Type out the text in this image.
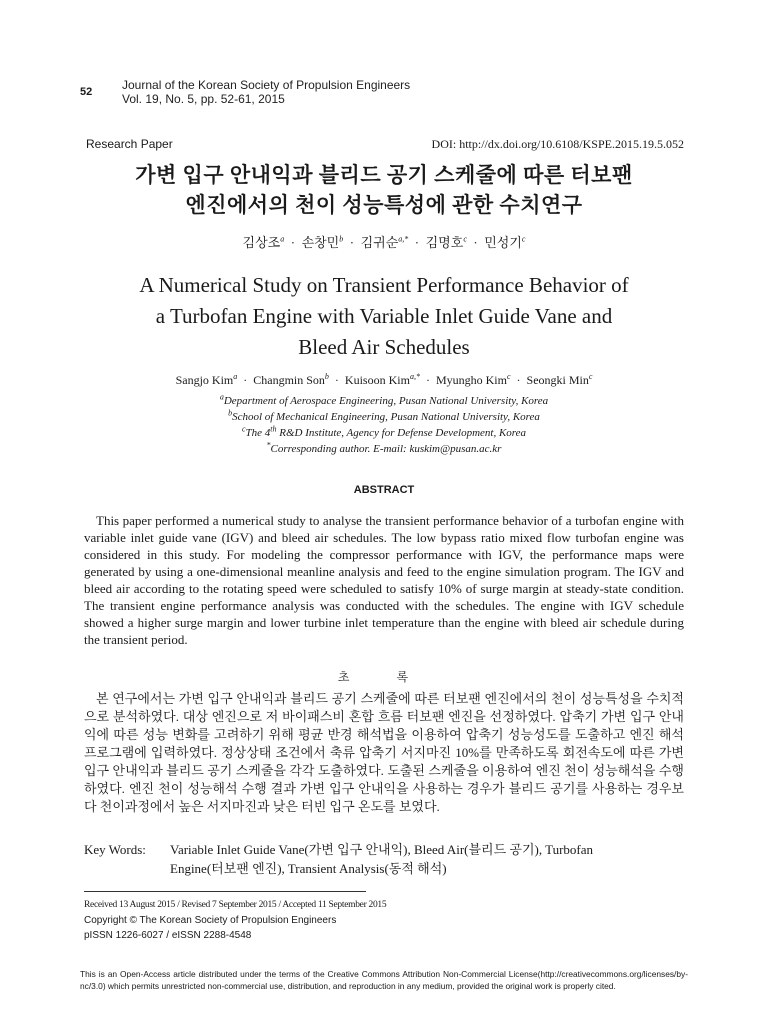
52 Journal of the Korean Society of Propulsion Engineers
Vol. 19, No. 5, pp. 52-61, 2015
Research Paper	DOI: http://dx.doi.org/10.6108/KSPE.2015.19.5.052
가변 입구 안내익과 블리드 공기 스케줄에 따른 터보팬
엔진에서의 천이 성능특성에 관한 수치연구
김상조$^a$  ·  손창민$^b$  ·  김귀순$^{a,*}$  ·  김명호$^c$  ·  민성기$^c$
A Numerical Study on Transient Performance Behavior of
a Turbofan Engine with Variable Inlet Guide Vane and
Bleed Air Schedules
Sangjo Kim$^a$  ·  Changmin Son$^b$  ·  Kuisoon Kim$^{a,*}$  ·  Myungho Kim$^c$  ·  Seongki Min$^c$
$^a$Department of Aerospace Engineering, Pusan National University, Korea
$^b$School of Mechanical Engineering, Pusan National University, Korea
$^c$The 4th R&D Institute, Agency for Defense Development, Korea
*Corresponding author. E-mail: kuskim@pusan.ac.kr
ABSTRACT
This paper performed a numerical study to analyse the transient performance behavior of a turbofan engine with variable inlet guide vane (IGV) and bleed air schedules. The low bypass ratio mixed flow turbofan engine was considered in this study. For modeling the compressor performance with IGV, the performance maps were generated by using a one-dimensional meanline analysis and feed to the engine simulation program. The IGV and bleed air according to the rotating speed were scheduled to satisfy 10% of surge margin at steady-state condition. The transient engine performance analysis was conducted with the schedules. The engine with IGV schedule showed a higher surge margin and lower turbine inlet temperature than the engine with bleed air schedule during the transient period.
초 록
본 연구에서는 가변 입구 안내익과 블리드 공기 스케줄에 따른 터보팬 엔진에서의 천이 성능특성을 수치적으로 분석하였다. 대상 엔진으로 저 바이패스비 혼합 흐름 터보팬 엔진을 선정하였다. 압축기 가변 입구 안내익에 따른 성능 변화를 고려하기 위해 평균 반경 해석법을 이용하여 압축기 성능성도를 도출하고 엔진 해석 프로그램에 입력하였다. 정상상태 조건에서 축류 압축기 서지마진 10%를 만족하도록 회전속도에 따른 가변 입구 안내익과 블리드 공기 스케줄을 각각 도출하였다. 도출된 스케줄을 이용하여 엔진 천이 성능해석을 수행하였다. 엔진 천이 성능해석 수행 결과 가변 입구 안내익을 사용하는 경우가 블리드 공기를 사용하는 경우보다 천이과정에서 높은 서지마진과 낮은 터빈 입구 온도를 보였다.
Key Words: Variable Inlet Guide Vane(가변 입구 안내익), Bleed Air(블리드 공기), Turbofan
Engine(터보팬 엔진), Transient Analysis(동적 해석)
Received 13 August 2015 / Revised 7 September 2015 / Accepted 11 September 2015
Copyright © The Korean Society of Propulsion Engineers
pISSN 1226-6027 / eISSN 2288-4548
This is an Open-Access article distributed under the terms of the Creative Commons Attribution Non-Commercial License(http://creativecommons.org/licenses/by-nc/3.0) which permits unrestricted non-commercial use, distribution, and reproduction in any medium, provided the original work is properly cited.
